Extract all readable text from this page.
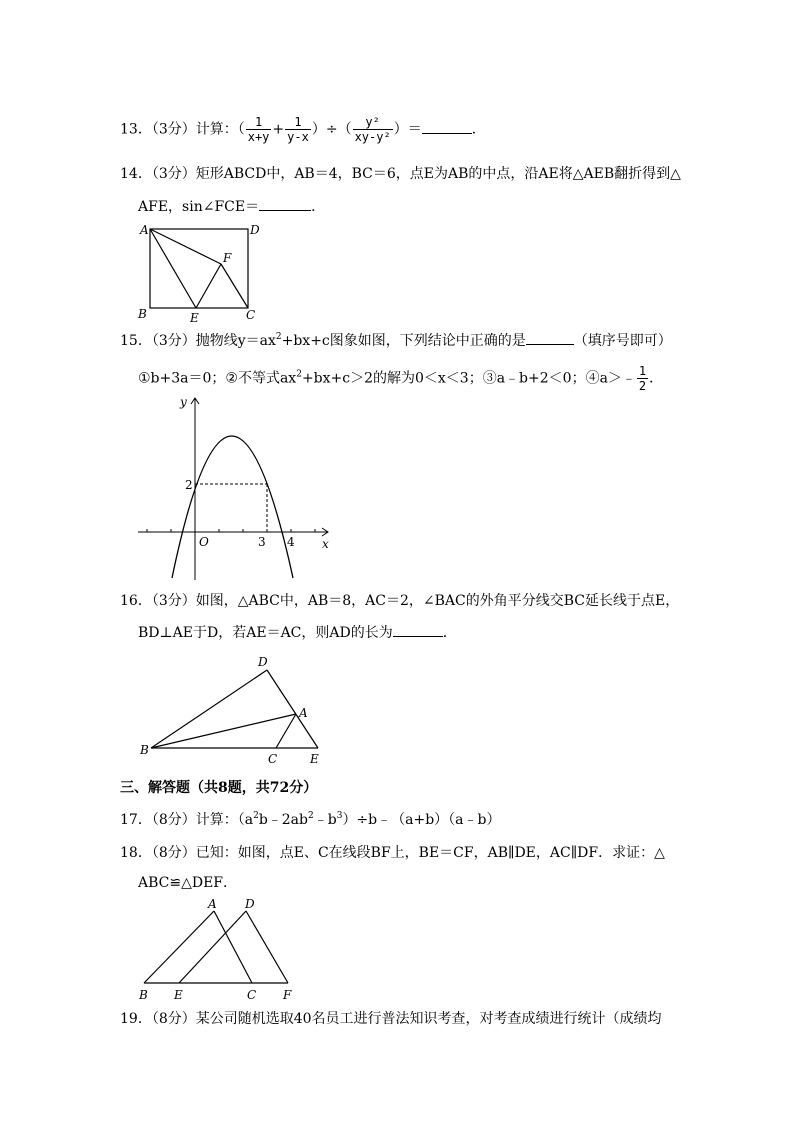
13．（3分）计算：（ $\frac{1}{x+y} + \frac{1}{y-x}$ ）÷（ $\frac{\text{y²}}{\text{xy-y²}}$ ）＝	．
14．（3分）矩形ABCD中，AB＝4，BC＝6，点E为AB的中点，沿AE将△AEB翻折得到△
AFE，sin∠FCE＝	．
A	D
B	C
E
F
15．（3分）抛物线$y=ax^2+bx+c$图象如图，下列结论中正确的是	（填序号即可）
①b+3a＝0；②不等式$ax^2+bx+c>2$的解为0＜x＜3；③a﹣b+2＜0；④a＞﹣ $\frac{1}{2}$ ．
y
x
O
2
3 4
16．（3分）如图，△ABC中，AB＝8，AC＝2，∠BAC的外角平分线交BC延长线于点E，
BD⊥AE于D，若AE＝AC，则AD的长为	．
D
A
B
C	E
三、解答题（共8题，共72分）
17．（8分）计算：$(a^2b﹣2ab^2﹣b^3)\div b﹣(a+b)(a﹣b)$
18．（8分）已知：如图，点E、C在线段BF上，BE＝CF，AB∥DE，AC∥DF．求证：△
ABC≌△DEF．
A D
B E	C F
19．（8分）某公司随机选取40名员工进行普法知识考查，对考查成绩进行统计（成绩均
